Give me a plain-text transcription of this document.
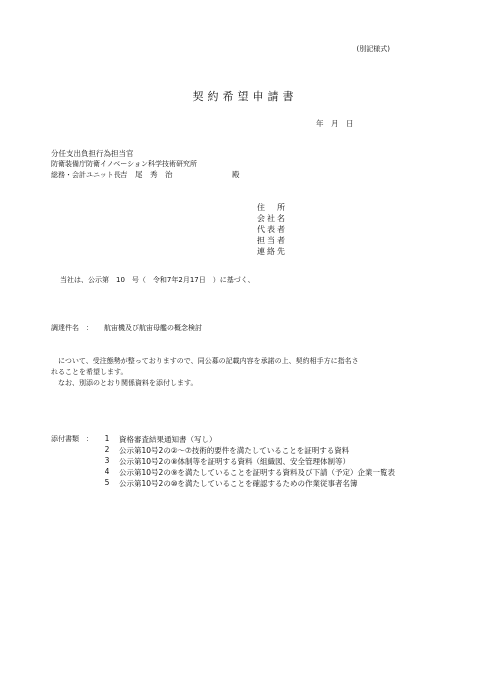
(別記様式)
契約希望申請書
年　月　日
分任支出負担行為担当官
防衛装備庁防衛イノベーション科学技術研究所
総務・会計ユニット長 吉　尾　秀　治	殿
住所
会社名
代表者
担当者
連絡先
当社は、公示第　10　号（　令和7年2月17日　）に基づく、
調達件名　： 航宙機及び航宙母艦の概念検討
について、受注態勢が整っておりますので、同公募の記載内容を承諾の上、契約相手方に指名さ
れることを希望します。
なお、別添のとおり関係資料を添付します。
添付書類　： 1 資格審査結果通知書（写し）
2 公示第10号2の②～⑦技術的要件を満たしていることを証明する資料
3 公示第10号2の⑧体制等を証明する資料（組織図、安全管理体制等）
4 公示第10号2の⑨を満たしていることを証明する資料及び下請（予定）企業一覧表
5 公示第10号2の⑩を満たしていることを確認するための作業従事者名簿
